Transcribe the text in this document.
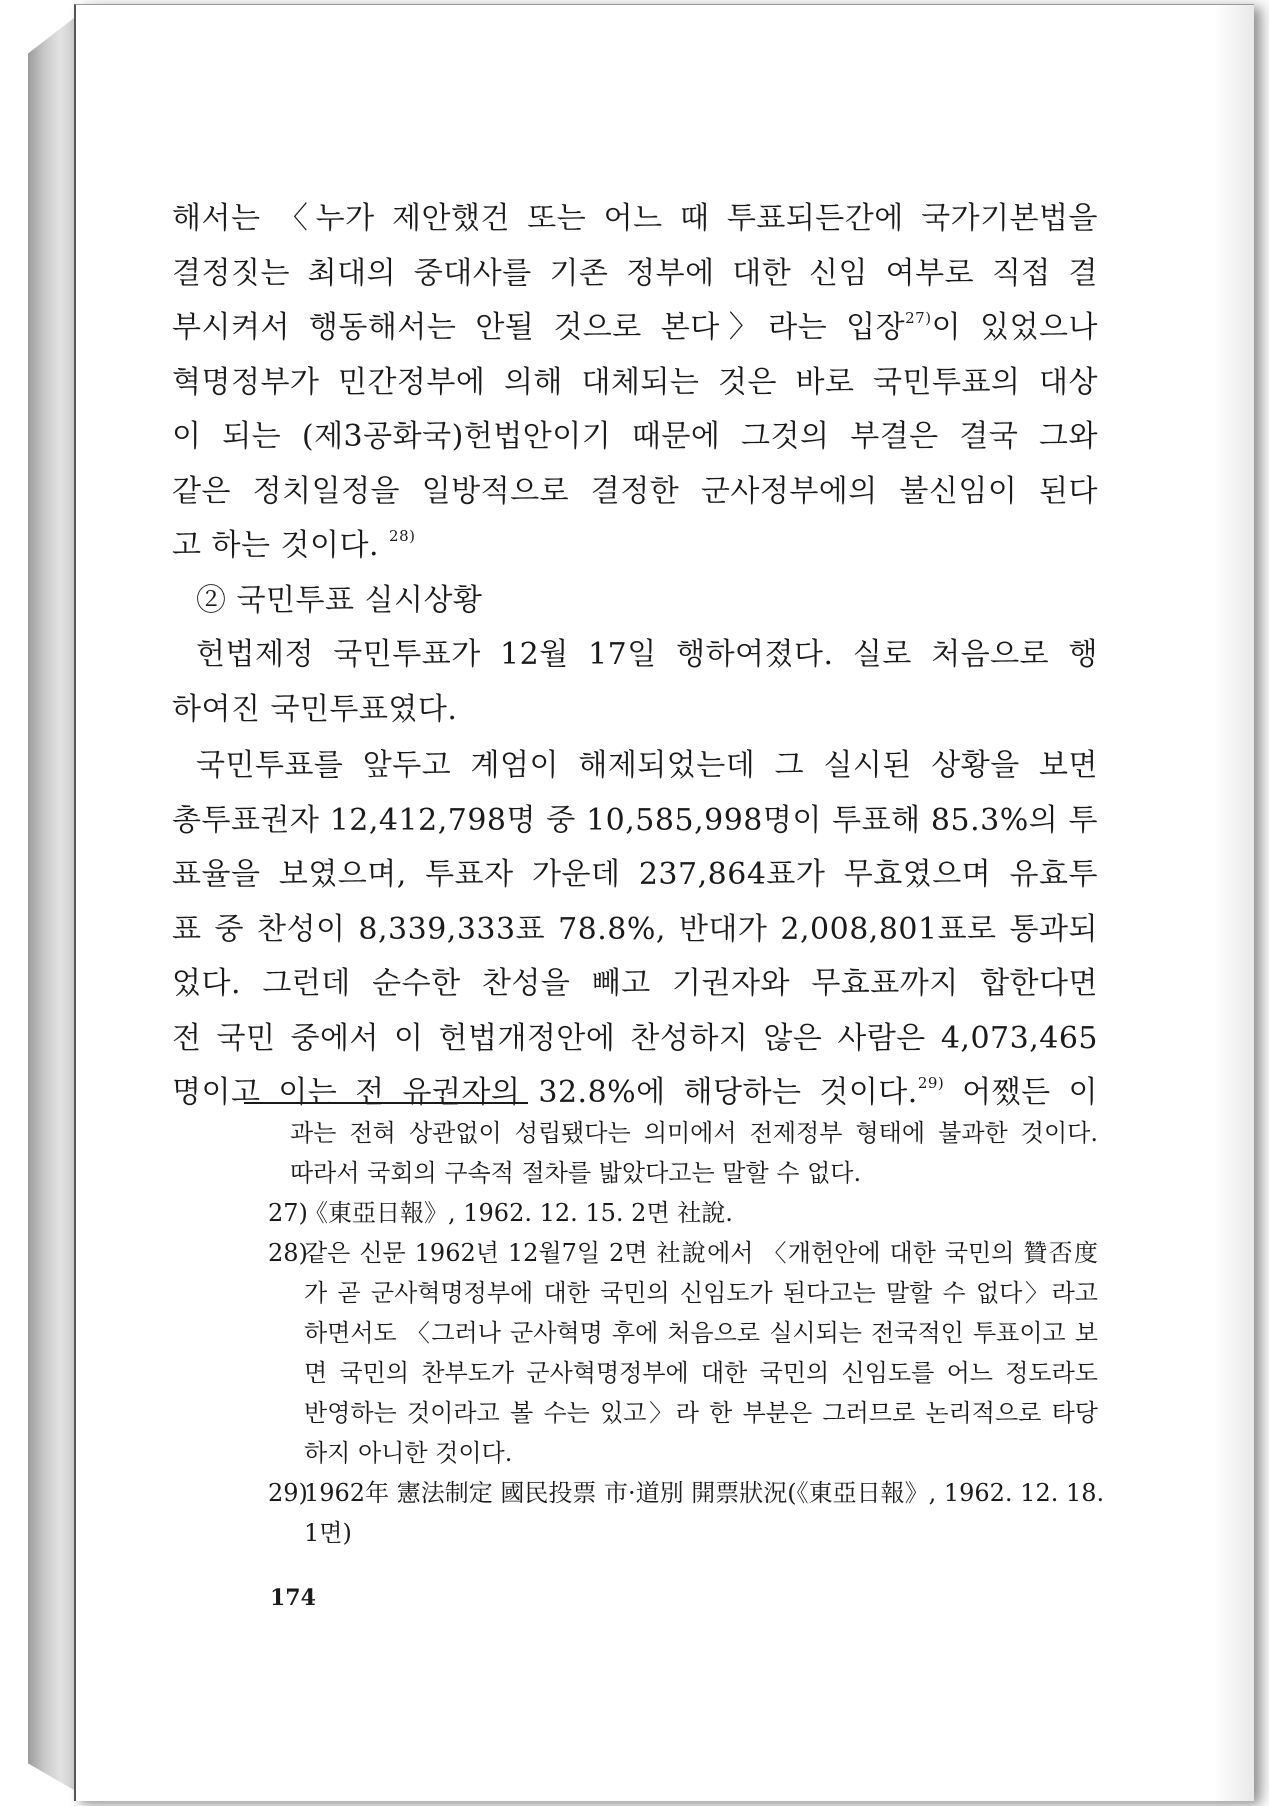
해서는 〈누가 제안했건 또는 어느 때 투표되든간에 국가기본법을

결정짓는 최대의 중대사를 기존 정부에 대한 신임 여부로 직접 결

부시켜서 행동해서는 안될 것으로 본다〉라는 입장$^{27)}$이 있었으나

혁명정부가 민간정부에 의해 대체되는 것은 바로 국민투표의 대상

이 되는 (제3공화국)헌법안이기 때문에 그것의 부결은 결국 그와

같은 정치일정을 일방적으로 결정한 군사정부에의 불신임이 된다

고 하는 것이다. $^{28)}$

② 국민투표 실시상황

헌법제정 국민투표가 12월 17일 행하여졌다. 실로 처음으로 행

하여진 국민투표였다.

국민투표를 앞두고 계엄이 해제되었는데 그 실시된 상황을 보면

총투표권자 12,412,798명 중 10,585,998명이 투표해 85.3%의 투

표율을 보였으며, 투표자 가운데 237,864표가 무효였으며 유효투

표 중 찬성이 8,339,333표 78.8%, 반대가 2,008,801표로 통과되

었다. 그런데 순수한 찬성을 빼고 기권자와 무효표까지 합한다면

전 국민 중에서 이 헌법개정안에 찬성하지 않은 사람은 4,073,465

명이고 이는 전 유권자의 32.8%에 해당하는 것이다.$^{29)}$ 어쨌든 이

과는 전혀 상관없이 성립됐다는 의미에서 전제정부 형태에 불과한 것이다.
따라서 국회의 구속적 절차를 밟았다고는 말할 수 없다.
27)
《東亞日報》, 1962. 12. 15. 2면 社說.
28)
같은 신문 1962년 12월7일 2면 社說에서 〈개헌안에 대한 국민의 贊否度
가 곧 군사혁명정부에 대한 국민의 신임도가 된다고는 말할 수 없다〉라고
하면서도 〈그러나 군사혁명 후에 처음으로 실시되는 전국적인 투표이고 보
면 국민의 찬부도가 군사혁명정부에 대한 국민의 신임도를 어느 정도라도
반영하는 것이라고 볼 수는 있고〉라 한 부분은 그러므로 논리적으로 타당
하지 아니한 것이다.
29)
1962年 憲法制定 國民投票 市·道別 開票狀況(《東亞日報》, 1962. 12. 18.
1면)
174
